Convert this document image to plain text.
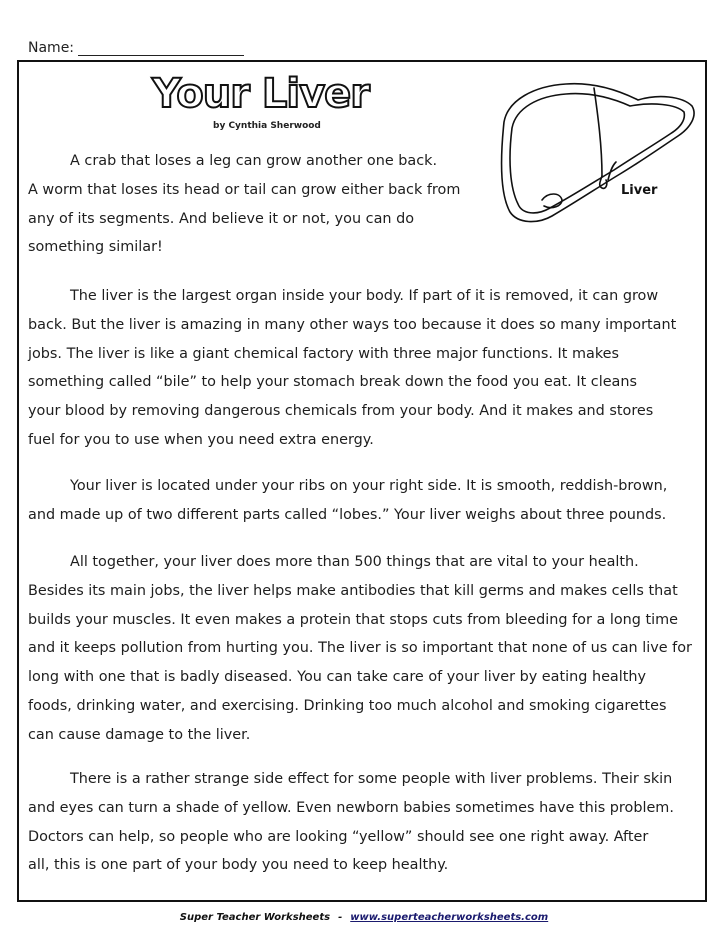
Name:
Your Liver
by Cynthia Sherwood
Liver

A crab that loses a leg can grow another one back.
A worm that loses its head or tail can grow either back from
any of its segments. And believe it or not, you can do
something similar!

The liver is the largest organ inside your body. If part of it is removed, it can grow
back. But the liver is amazing in many other ways too because it does so many important
jobs. The liver is like a giant chemical factory with three major functions. It makes
something called “bile” to help your stomach break down the food you eat. It cleans
your blood by removing dangerous chemicals from your body. And it makes and stores
fuel for you to use when you need extra energy.

Your liver is located under your ribs on your right side. It is smooth, reddish-brown,
and made up of two different parts called “lobes.” Your liver weighs about three pounds.

All together, your liver does more than 500 things that are vital to your health.
Besides its main jobs, the liver helps make antibodies that kill germs and makes cells that
builds your muscles. It even makes a protein that stops cuts from bleeding for a long time
and it keeps pollution from hurting you. The liver is so important that none of us can live for
long with one that is badly diseased. You can take care of your liver by eating healthy
foods, drinking water, and exercising. Drinking too much alcohol and smoking cigarettes
can cause damage to the liver.

There is a rather strange side effect for some people with liver problems. Their skin
and eyes can turn a shade of yellow. Even newborn babies sometimes have this problem.
Doctors can help, so people who are looking “yellow” should see one right away. After
all, this is one part of your body you need to keep healthy.

Super Teacher Worksheets - www.superteacherworksheets.com
